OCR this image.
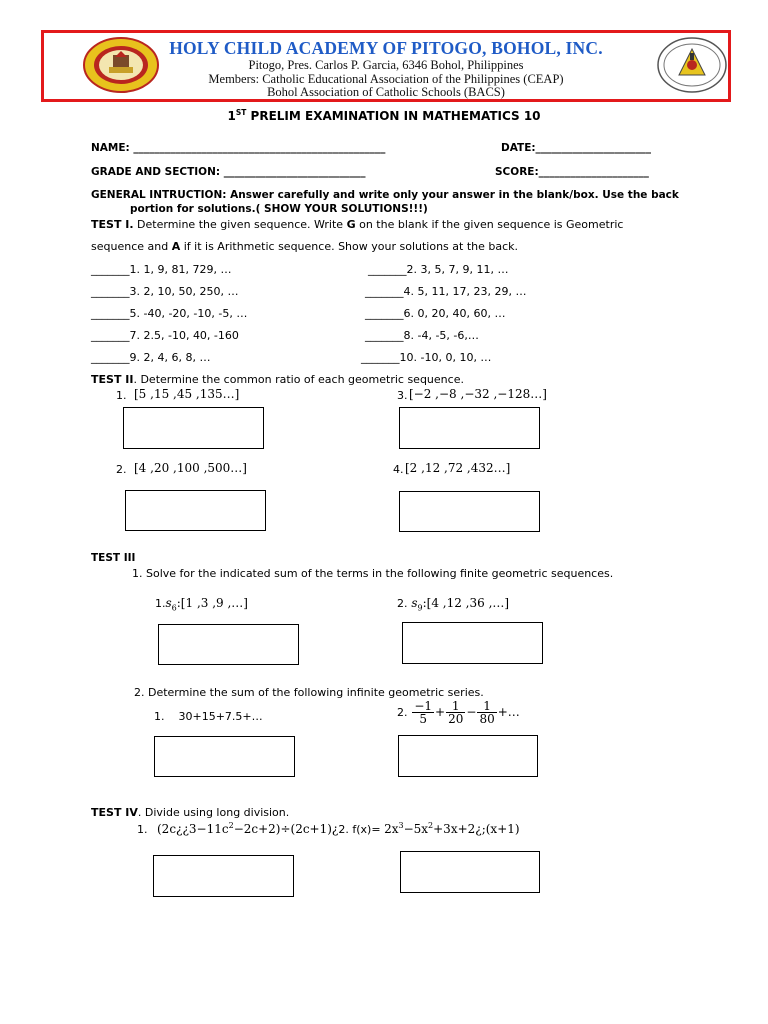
HOLY CHILD ACADEMY OF PITOGO, BOHOL, INC.
Pitogo, Pres. Carlos P. Garcia, 6346 Bohol, Philippines
Members: Catholic Educational Association of the Philippines (CEAP)
Bohol Association of Catholic Schools (BACS)
1ST PRELIM EXAMINATION IN MATHEMATICS 10
NAME: ________________________________________________	DATE:______________________
GRADE AND SECTION: ___________________________	SCORE:_____________________
GENERAL INTRUCTION: Answer carefully and write only your answer in the blank/box. Use the back
portion for solutions.( SHOW YOUR SOLUTIONS!!!)
TEST I. Determine the given sequence. Write G on the blank if the given sequence is Geometric
sequence and A if it is Arithmetic sequence. Show your solutions at the back.
_______1. 1, 9, 81, 729, …	_______2. 3, 5, 7, 9, 11, …
_______3. 2, 10, 50, 250, …	_______4. 5, 11, 17, 23, 29, …
_______5. -40, -20, -10, -5, …	_______6. 0, 20, 40, 60, …
_______7. 2.5, -10, 40, -160	_______8. -4, -5, -6,…
_______9. 2, 4, 6, 8, …	_______10. -10, 0, 10, …
TEST II. Determine the common ratio of each geometric sequence.
1. [5 ,15 ,45 ,135…]	3. [−2 ,−8 ,−32 ,−128…]
2. [4 ,20 ,100 ,500…]	4. [2 ,12 ,72 ,432…]
TEST III
1. Solve for the indicated sum of the terms in the following finite geometric sequences.
$1.s_6:[1$ ,3 ,9 ,…]	2. $s_9:[4$ ,12 ,36 ,…]
2. Determine the sum of the following infinite geometric series.
1.    30+15+7.5+…	2. $\frac{-1}{5} + \frac{1}{20} - \frac{1}{80}$ +…
TEST IV. Divide using long division.
1. $(2c¿¿3-11c^2-2c+2)\div(2c+1)¿2$. $f(x)= 2x^3-5x^2+3x+2¿;(x+1)$
